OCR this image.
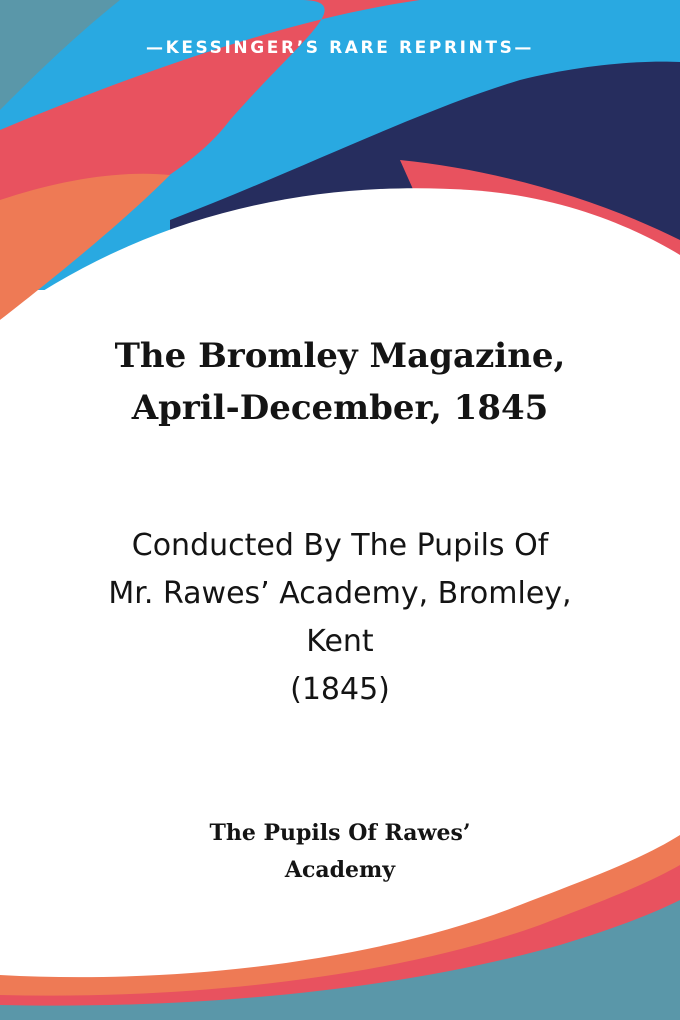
—KESSINGER’S RARE REPRINTS—
The Bromley Magazine,
April-December, 1845
Conducted By The Pupils Of
Mr. Rawes’ Academy, Bromley,
Kent
(1845)
The Pupils Of Rawes’
Academy
